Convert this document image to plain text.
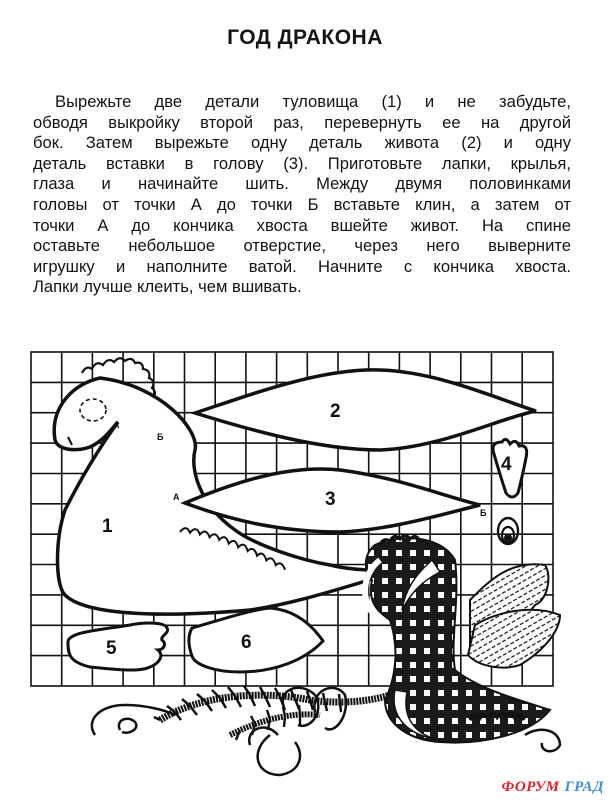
ГОД ДРАКОНА
Вырежьте две детали туловища (1) и не забудьте,
обводя выкройку второй раз, перевернуть ее на другой
бок. Затем вырежьте одну деталь живота (2) и одну
деталь вставки в голову (3). Приготовьте лапки, крылья,
глаза и начинайте шить. Между двумя половинками
головы от точки А до точки Б вставьте клин, а затем от
точки А до кончика хвоста вшейте живот. На спине
оставьте небольшое отверстие, через него выверните
игрушку и наполните ватой. Начните с кончика хвоста.
Лапки лучше клеить, чем вшивать.
1
А
Б
2
3
А
Б
4
5	6
ФОРУМ ГРАД
